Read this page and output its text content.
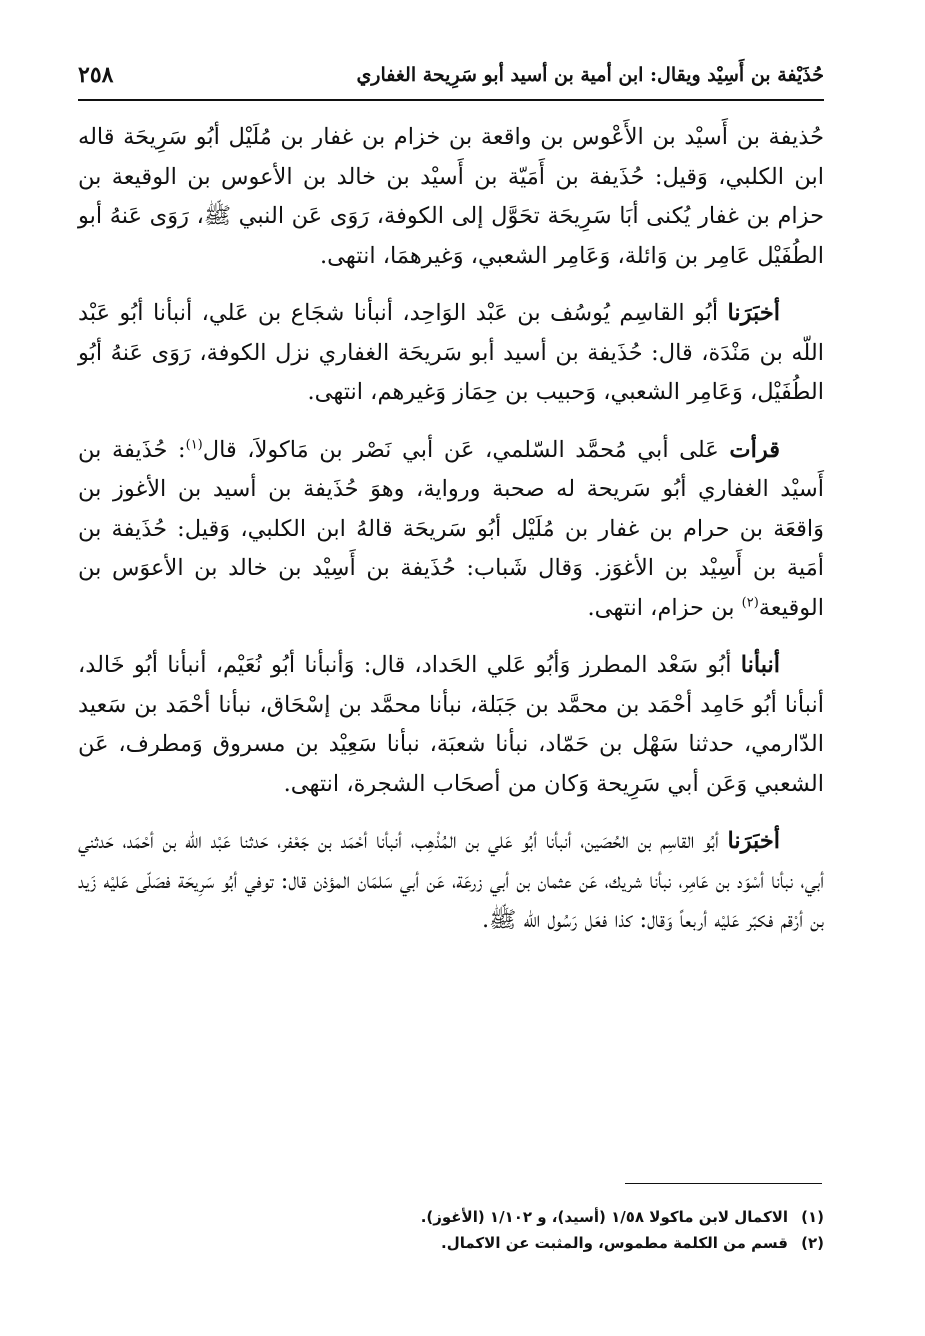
٢٥٨	حُذَيْفة بن أَسِيْد ويقال: ابن أمية بن أسيد أبو سَرِيحة الغفاري

حُذيفة بن أَسيْد بن الأَعْوس بن واقعة بن خزام بن غفار بن مُلَيْل أبُو سَرِيحَة قاله ابن الكلبي، وَقيل: حُذَيفة بن أَمَيّة بن أَسيْد بن خالد بن الأعوس بن الوقيعة بن حزام بن غفار يُكنى أبَا سَرِيحَة تحَوَّل إلى الكوفة، رَوَى عَن النبي ﷺ، رَوَى عَنهُ أبو الطُفَيْل عَامِر بن وَائلة، وَعَامِر الشعبي، وَغيرهمَا، انتهى.

أخبَرَنا أبُو القاسِم يُوسُف بن عَبْد الوَاحِد، أنبأنا شجَاع بن عَلي، أنبأنا أبُو عَبْد اللّه بن مَنْدَة، قال: حُذَيفة بن أسيد أبو سَريحَة الغفاري نزل الكوفة، رَوَى عَنهُ أبُو الطُفَيْل، وَعَامِر الشعبي، وَحبيب بن حِمَاز وَغيرهم، انتهى.

قرأت عَلى أبي مُحمَّد السّلمي، عَن أبي نَصْر بن مَاكولاَ، قال$^{(١)}$: حُذَيفة بن أَسيْد الغفاري أبُو سَريحة له صحبة ورواية، وهوَ حُذَيفة بن أسيد بن الأغوز بن وَاقعَة بن حرام بن غفار بن مُلَيْل أبُو سَريحَة قالهُ ابن الكلبي، وَقيل: حُذَيفة بن أمَية بن أَسِيْد بن الأغوَز. وَقال شَباب: حُذَيفة بن أَسِيْد بن خالد بن الأعوَس بن الوقيعة$^{(٢)}$ بن حزام، انتهى.

أنبأنا أبُو سَعْد المطرز وَأبُو عَلي الحَداد، قال: وَأنبأنا أبُو نُعَيْم، أنبأنا أبُو خَالد، أنبأنا أبُو حَامِد أحْمَد بن محمَّد بن جَبَلة، نبأنا محمَّد بن إسْحَاق، نبأنا أحْمَد بن سَعيد الدّارمي، حدثنا سَهْل بن حَمّاد، نبأنا شعبَة، نبأنا سَعِيْد بن مسروق وَمطرف، عَن الشعبي وَعَن أبي سَرِيحة وَكان من أصحَاب الشجرة، انتهى.

أخبَرَنا أبُو القاسِم بن الحُصَين، أنبأنا أبُو عَلي بن المُذْهِب، أنبأنا أحْمَد بن جَعْفر، حَدثنا عَبْد اللّه بن أحْمَد، حَدثني أبي، نبأنا أسْوَد بن عَامِر، نبأنا شريك، عَن عثمان بن أبي زرعَة، عَن أبي سَلمَان المؤذن قال: توفي أبُو سَرِيحَة فصَلّى عَليْه زَيد بن أرْقم فكبّر عَليْه أربعاً وَقال: كذا فعَل رَسُول الله ﷺ.

(١)الاكمال لابن ماكولا ١/٥٨ (أسيد)، و ١/١٠٢ (الأغوز).
(٢)قسم من الكلمة مطموس، والمثبت عن الاكمال.
